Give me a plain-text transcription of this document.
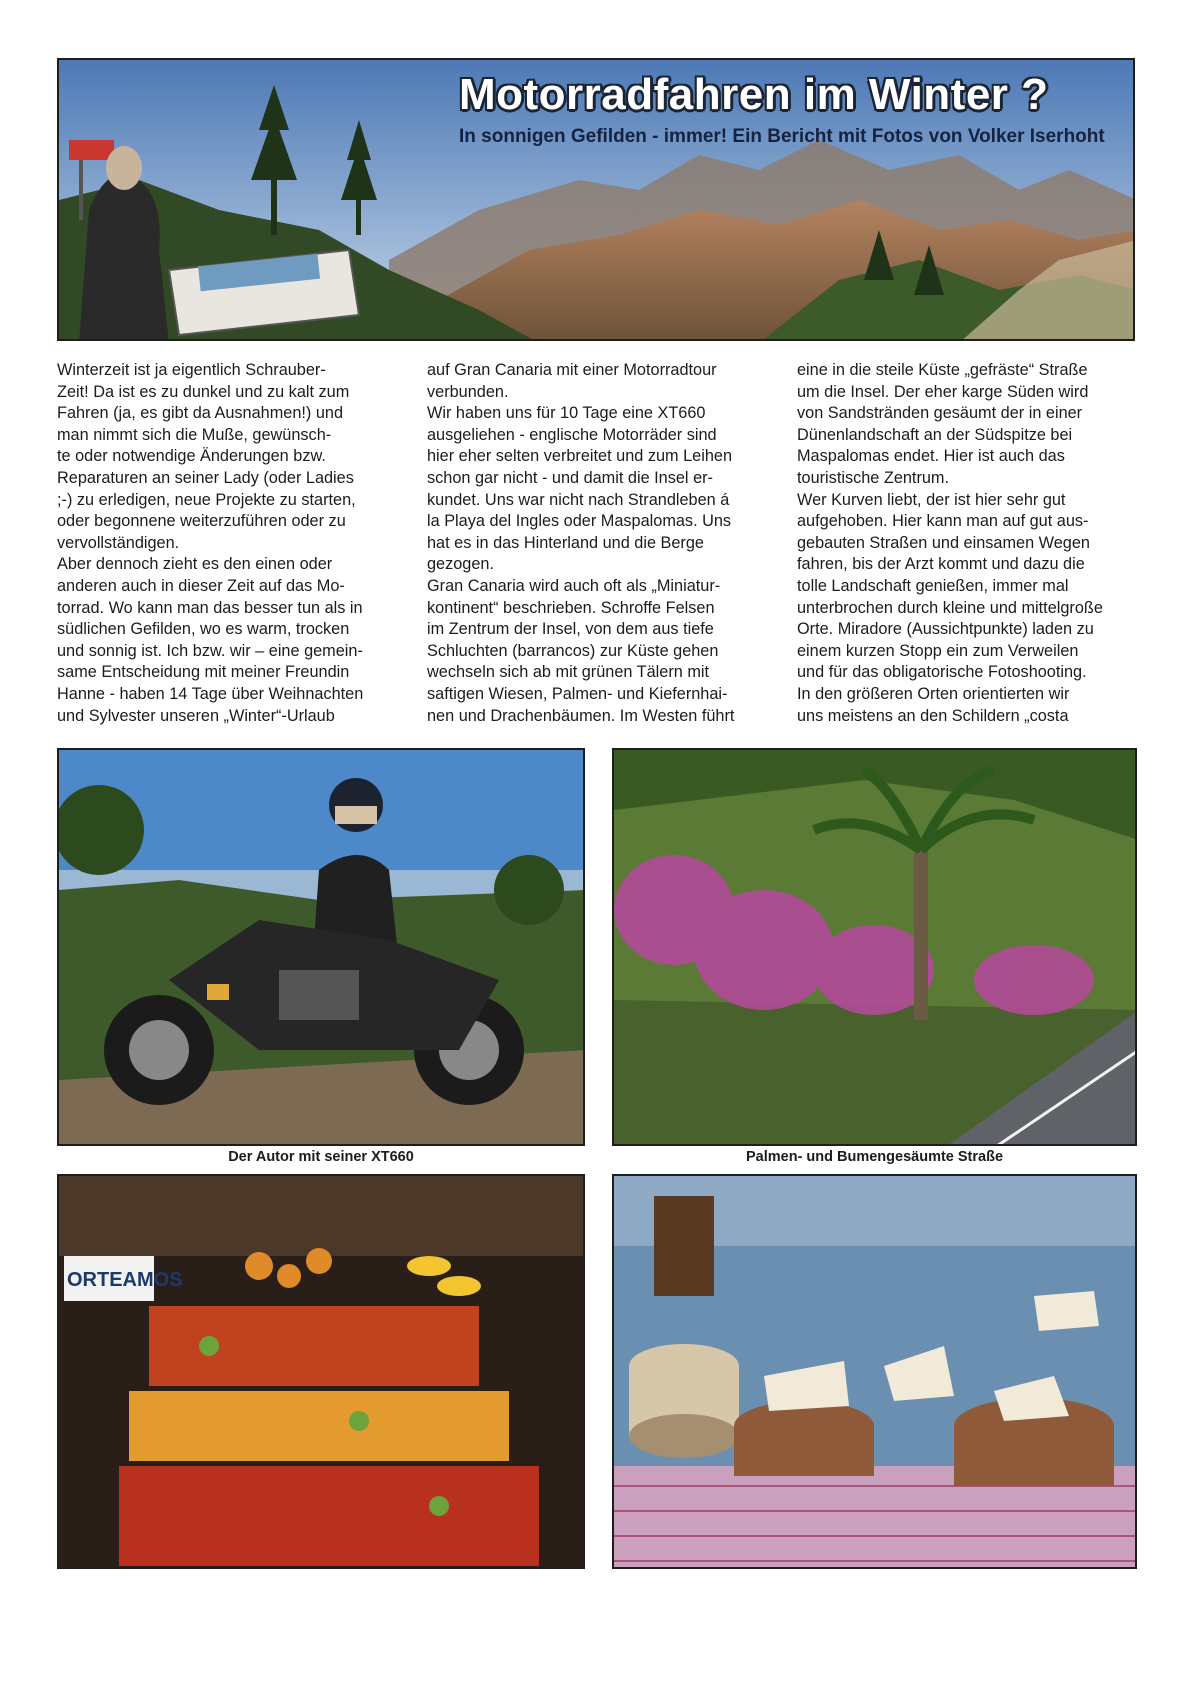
Motorradfahren im Winter ?

In sonnigen Gefilden - immer! Ein Bericht mit Fotos von Volker Iserhoht

Winterzeit ist ja eigentlich Schrauber-
Zeit! Da ist es zu dunkel und zu kalt zum
Fahren (ja, es gibt da Ausnahmen!) und
man nimmt sich die Muße, gewünsch-
te oder notwendige Änderungen bzw.
Reparaturen an seiner Lady (oder Ladies
;-) zu erledigen, neue Projekte zu starten,
oder begonnene weiterzuführen oder zu
vervollständigen.
Aber dennoch zieht es den einen oder
anderen auch in dieser Zeit auf das Mo-
torrad. Wo kann man das besser tun als in
südlichen Gefilden, wo es warm, trocken
und sonnig ist. Ich bzw. wir – eine gemein-
same Entscheidung mit meiner Freundin
Hanne - haben 14 Tage über Weihnachten
und Sylvester unseren „Winter“-Urlaub
auf Gran Canaria mit einer Motorradtour
verbunden.
Wir haben uns für 10 Tage eine XT660
ausgeliehen - englische Motorräder sind
hier eher selten verbreitet und zum Leihen
schon gar nicht - und damit die Insel er-
kundet. Uns war nicht nach Strandleben á
la Playa del Ingles oder Maspalomas. Uns
hat es in das Hinterland und die Berge
gezogen.
Gran Canaria wird auch oft als „Miniatur-
kontinent“ beschrieben. Schroffe Felsen
im Zentrum der Insel, von dem aus tiefe
Schluchten (barrancos) zur Küste gehen
wechseln sich ab mit grünen Tälern mit
saftigen Wiesen, Palmen- und Kiefernhai-
nen und Drachenbäumen. Im Westen führt
eine in die steile Küste „gefräste“ Straße
um die Insel. Der eher karge Süden wird
von Sandstränden gesäumt der in einer
Dünenlandschaft an der Südspitze bei
Maspalomas endet. Hier ist auch das
touristische Zentrum.
Wer Kurven liebt, der ist hier sehr gut
aufgehoben. Hier kann man auf gut aus-
gebauten Straßen und einsamen Wegen
fahren, bis der Arzt kommt und dazu die
tolle Landschaft genießen, immer mal
unterbrochen durch kleine und mittelgroße
Orte. Miradore (Aussichtpunkte) laden zu
einem kurzen Stopp ein zum Verweilen
und für das obligatorische Fotoshooting.
In den größeren Orten orientierten wir
uns meistens an den Schildern „costa
Der Autor mit seiner XT660	Palmen- und Bumengesäumte Straße
ORTEAMOS
